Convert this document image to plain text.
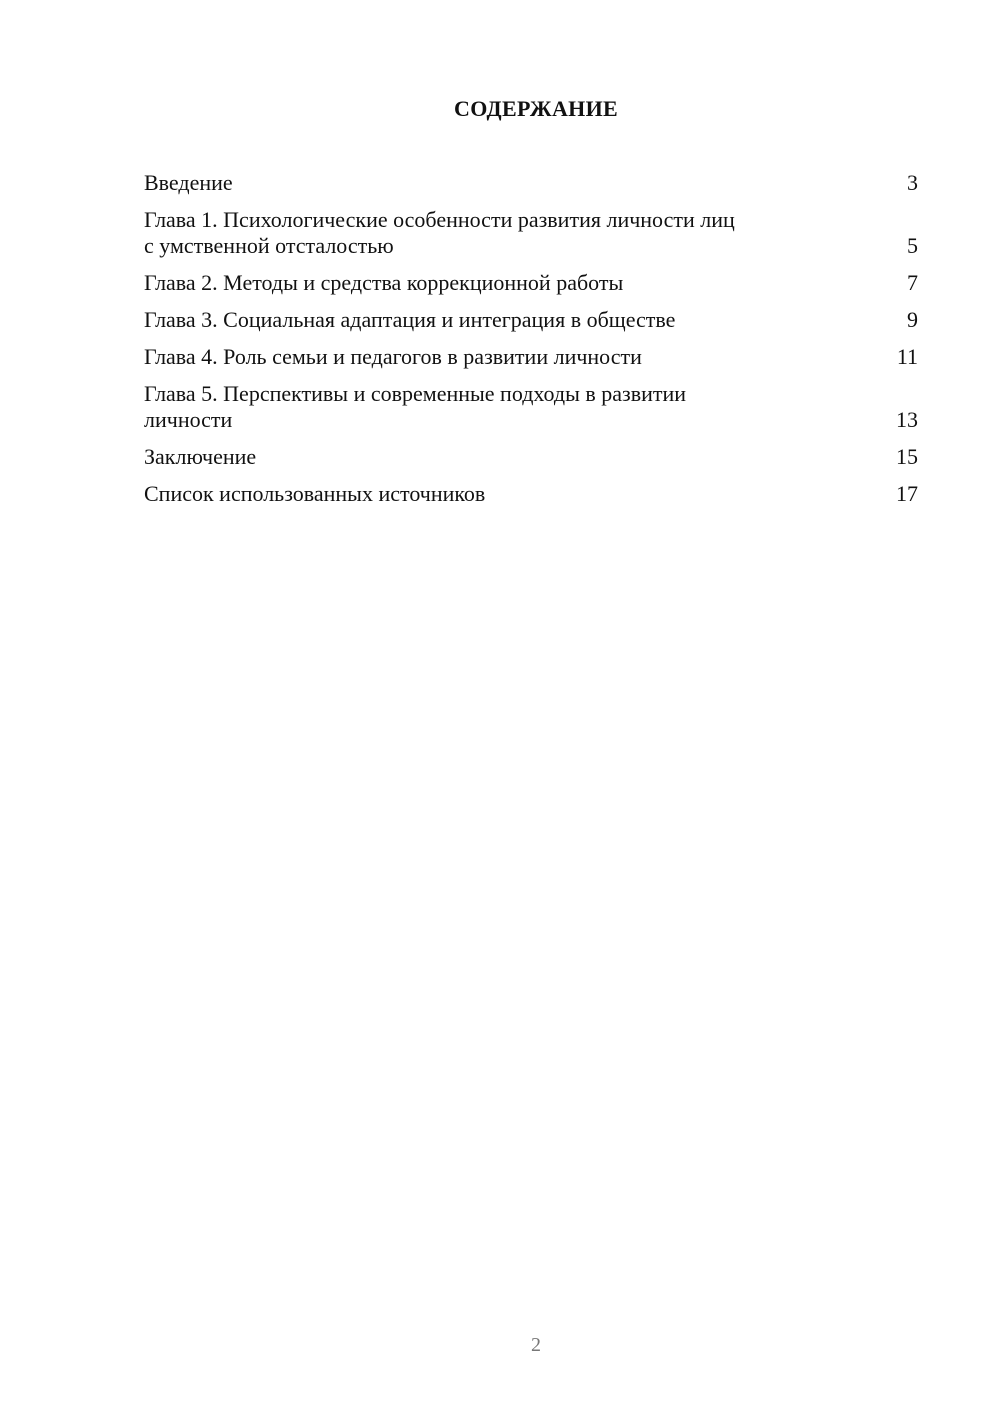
СОДЕРЖАНИЕ
Введение	3
Глава 1. Психологические особенности развития личности лиц
с умственной отсталостью	5
Глава 2. Методы и средства коррекционной работы	7
Глава 3. Социальная адаптация и интеграция в обществе	9
Глава 4. Роль семьи и педагогов в развитии личности	11
Глава 5. Перспективы и современные подходы в развитии
личности	13
Заключение	15
Список использованных источников	17
2
